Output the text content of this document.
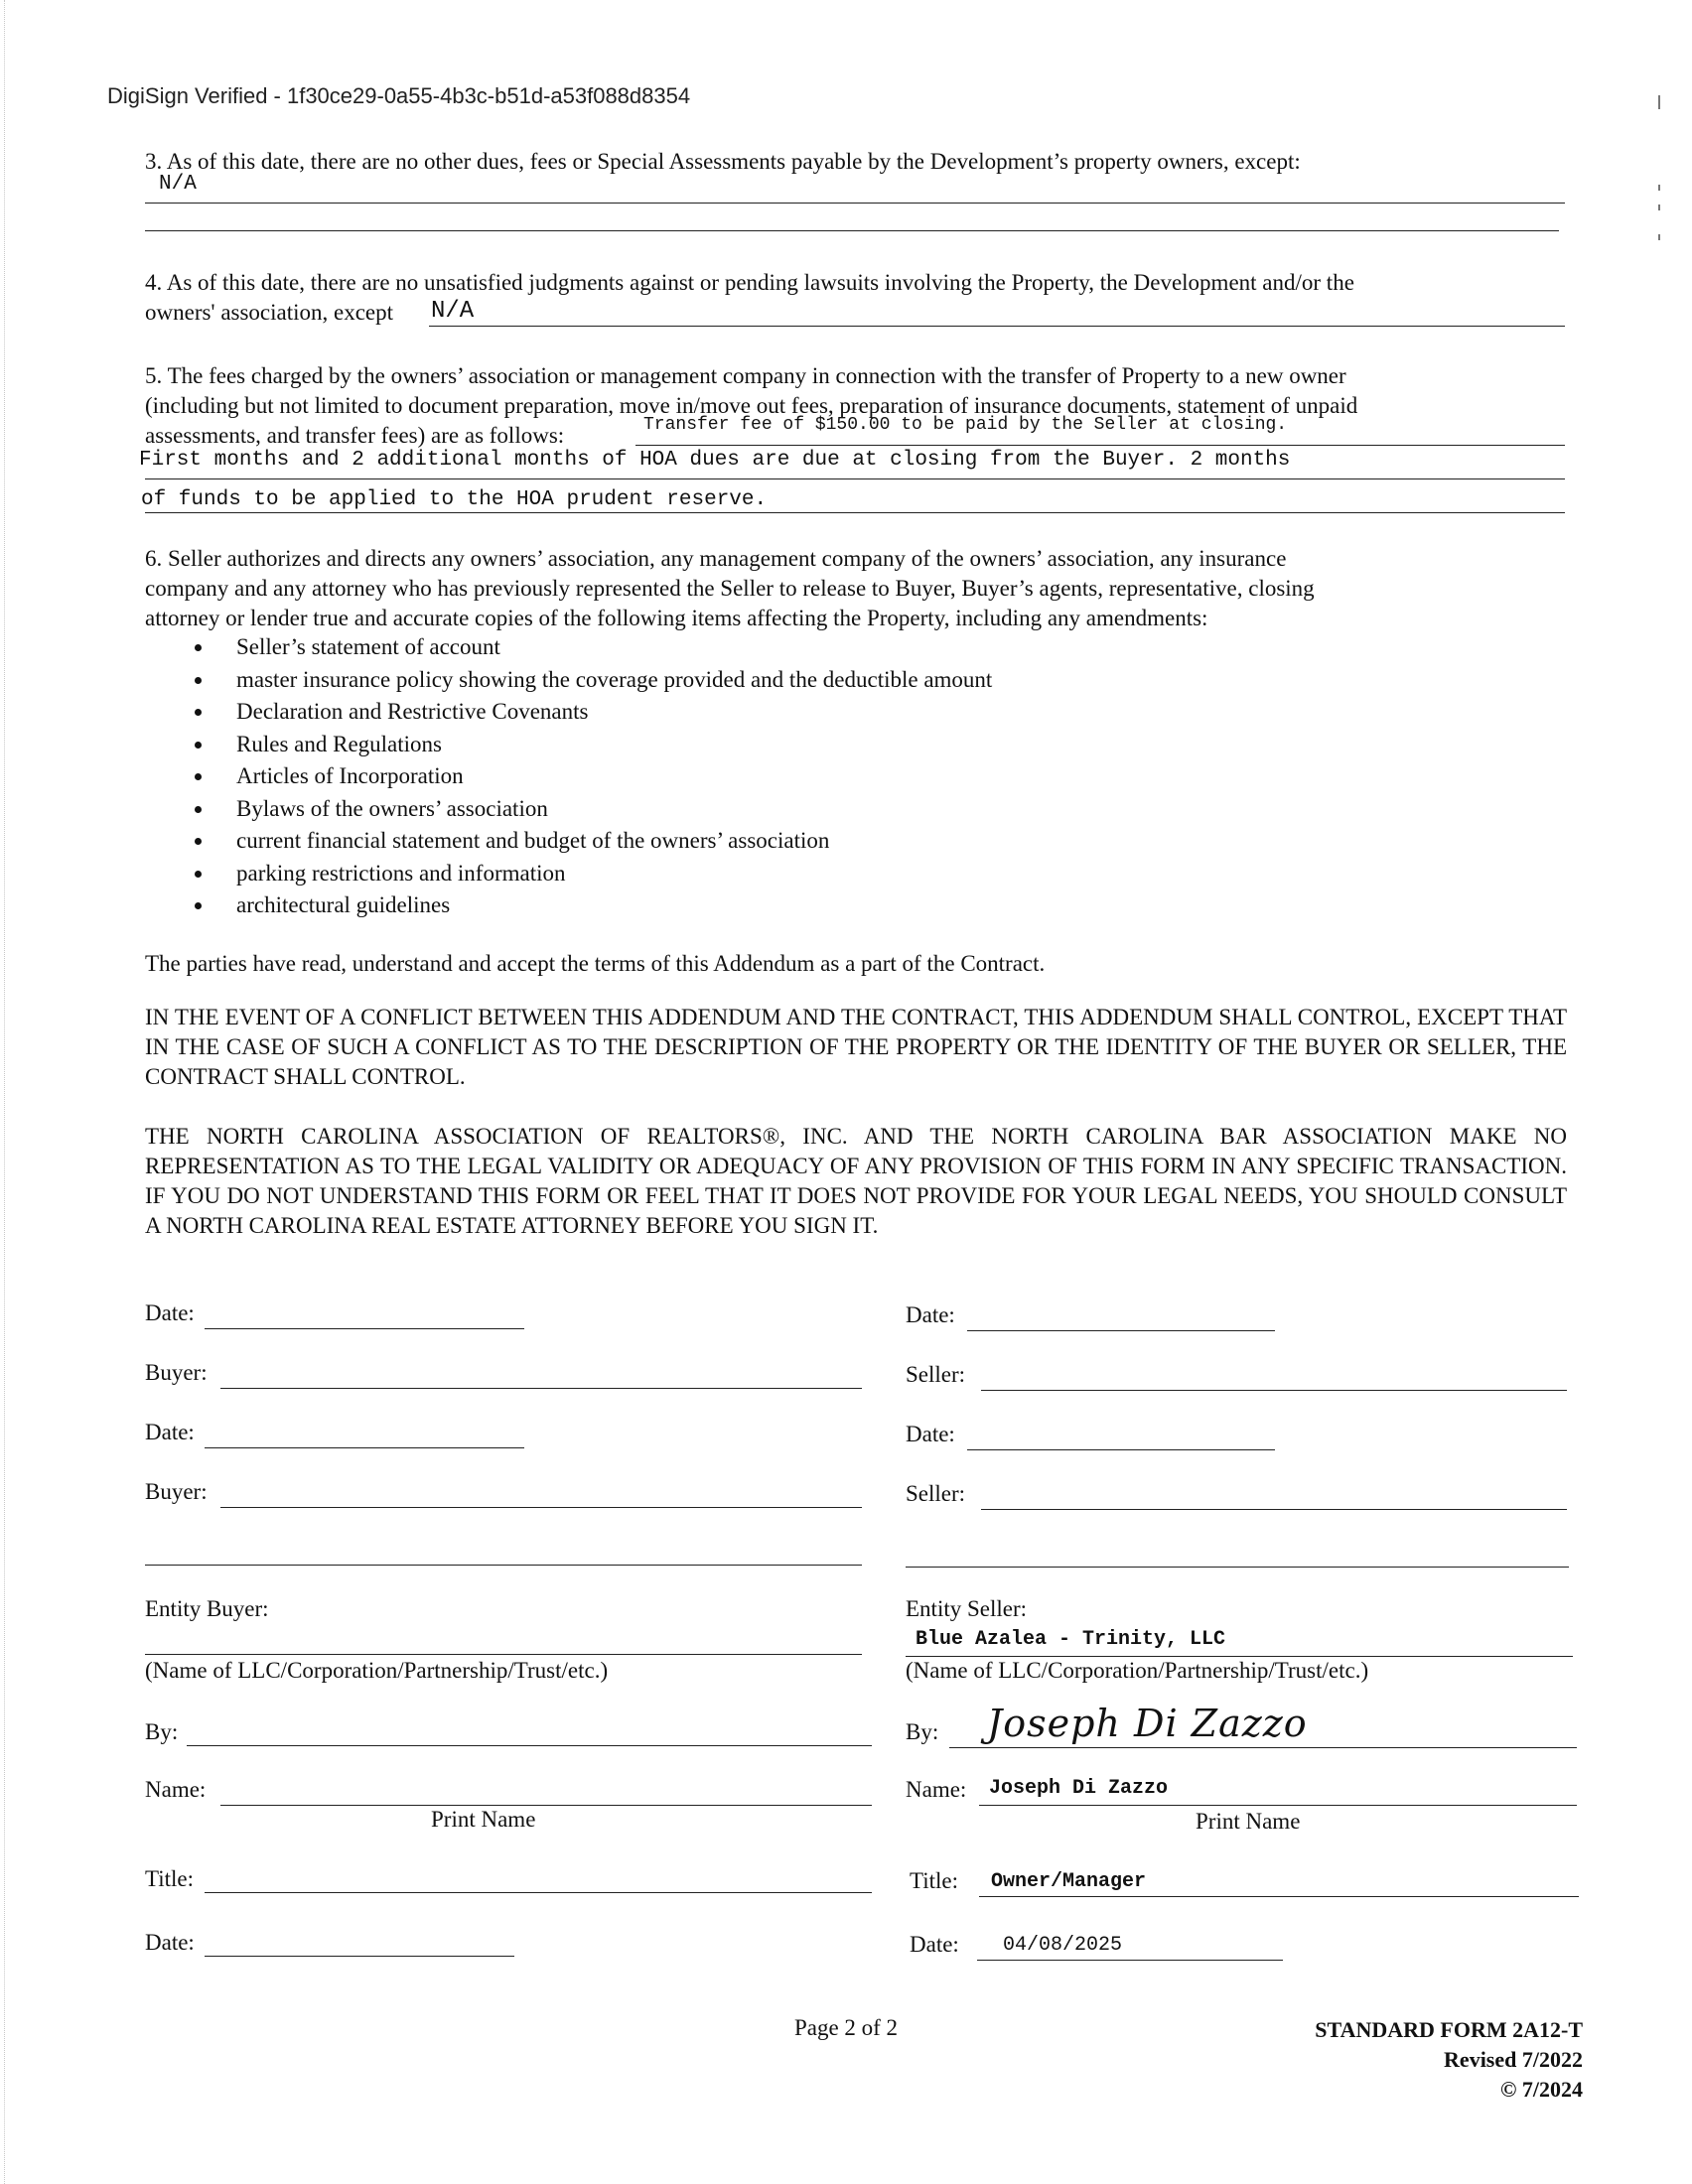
DigiSign Verified - 1f30ce29-0a55-4b3c-b51d-a53f088d8354
3. As of this date, there are no other dues, fees or Special Assessments payable by the Development’s property owners, except:
N/A
4. As of this date, there are no unsatisfied judgments against or pending lawsuits involving the Property, the Development and/or the
owners' association, except	N/A
5. The fees charged by the owners’ association or management company in connection with the transfer of Property to a new owner
(including but not limited to document preparation, move in/move out fees, preparation of insurance documents, statement of unpaid
assessments, and transfer fees) are as follows:	Transfer fee of $150.00 to be paid by the Seller at closing.
First months and 2 additional months of HOA dues are due at closing from the Buyer. 2 months
of funds to be applied to the HOA prudent reserve.
6. Seller authorizes and directs any owners’ association, any management company of the owners’ association, any insurance
company and any attorney who has previously represented the Seller to release to Buyer, Buyer’s agents, representative, closing
attorney or lender true and accurate copies of the following items affecting the Property, including any amendments:
Seller’s statement of account
master insurance policy showing the coverage provided and the deductible amount
Declaration and Restrictive Covenants
Rules and Regulations
Articles of Incorporation
Bylaws of the owners’ association
current financial statement and budget of the owners’ association
parking restrictions and information
architectural guidelines
The parties have read, understand and accept the terms of this Addendum as a part of the Contract.
IN THE EVENT OF A CONFLICT BETWEEN THIS ADDENDUM AND THE CONTRACT, THIS ADDENDUM SHALL CONTROL, EXCEPT THAT IN THE CASE OF SUCH A CONFLICT AS TO THE DESCRIPTION OF THE PROPERTY OR THE IDENTITY OF THE BUYER OR SELLER, THE CONTRACT SHALL CONTROL.
THE NORTH CAROLINA ASSOCIATION OF REALTORS®, INC. AND THE NORTH CAROLINA BAR ASSOCIATION MAKE NO REPRESENTATION AS TO THE LEGAL VALIDITY OR ADEQUACY OF ANY PROVISION OF THIS FORM IN ANY SPECIFIC TRANSACTION. IF YOU DO NOT UNDERSTAND THIS FORM OR FEEL THAT IT DOES NOT PROVIDE FOR YOUR LEGAL NEEDS, YOU SHOULD CONSULT A NORTH CAROLINA REAL ESTATE ATTORNEY BEFORE YOU SIGN IT.
Date:
Buyer:
Date:
Buyer:
Entity Buyer:
(Name of LLC/Corporation/Partnership/Trust/etc.)
By:
Name:
Print Name
Title:
Date:
Date:
Seller:
Date:
Seller:
Entity Seller:
Blue Azalea - Trinity, LLC
(Name of LLC/Corporation/Partnership/Trust/etc.)
By: Joseph Di Zazzo
Name: Joseph Di Zazzo
Print Name
Title: Owner/Manager
Date: 04/08/2025
Page 2 of 2	STANDARD FORM 2A12-T
Revised 7/2022
© 7/2024
